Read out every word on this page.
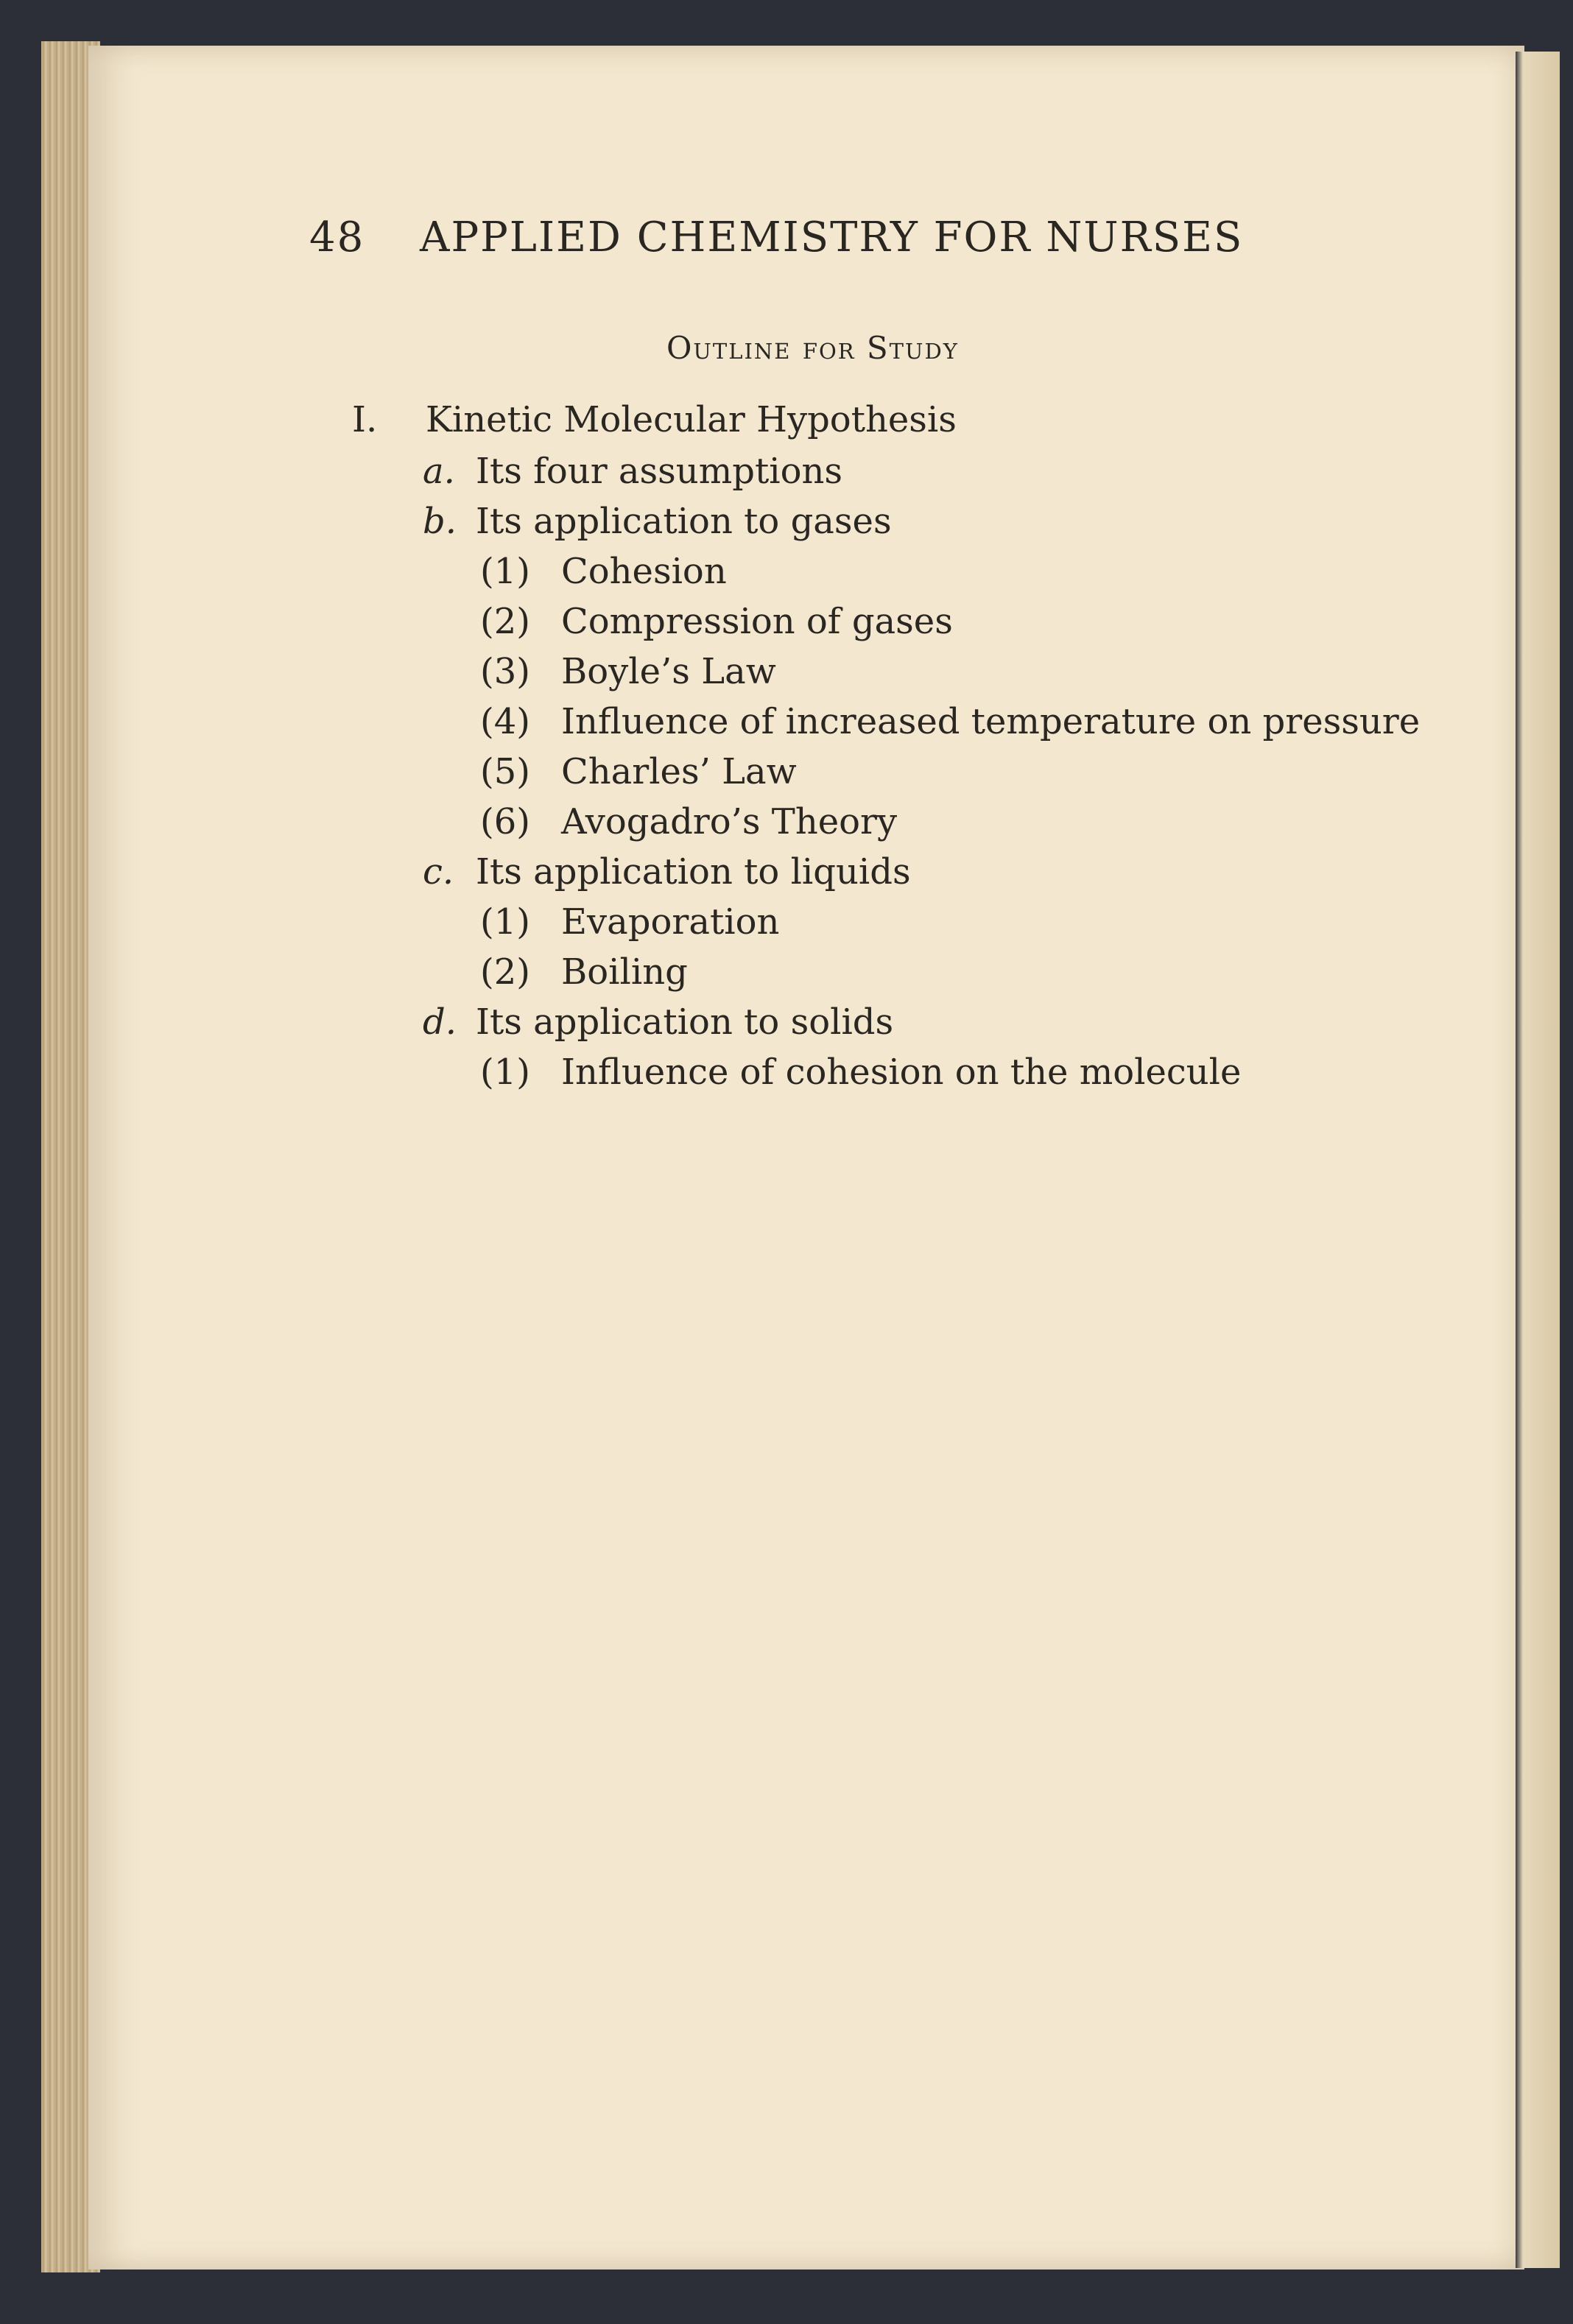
48 APPLIED CHEMISTRY FOR NURSES
Outline for Study
I. Kinetic Molecular Hypothesis
a. Its four assumptions
b. Its application to gases
(1) Cohesion
(2) Compression of gases
(3) Boyle’s Law
(4) Influence of increased temperature on pressure
(5) Charles’ Law
(6) Avogadro’s Theory
c. Its application to liquids
(1) Evaporation
(2) Boiling
d. Its application to solids
(1) Influence of cohesion on the molecule
